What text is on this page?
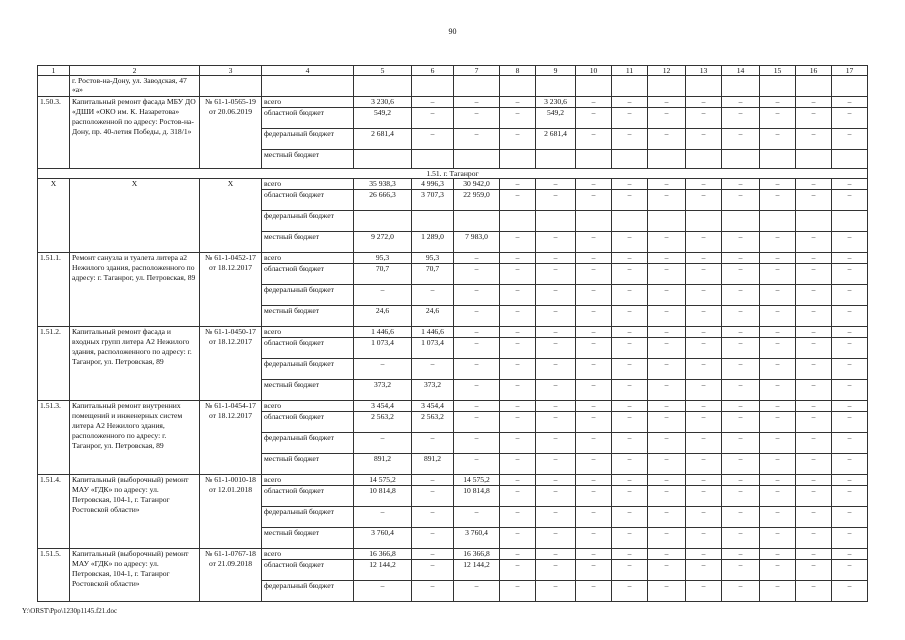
90
1	2	3	4	5	6	7	8	9	10	11	12	13	14	15	16	17
	г. Ростов-на-Дону, ул. Заводская, 47 «а»															
1.50.3.	Капитальный ремонт фасада МБУ ДО «ДШИ «ОКО им. К. Назаретова» расположенной по адресу: Ростов-на-Дону, пр. 40-летия Победы, д. 318/1»	№ 61-1-0565-19 от 20.06.2019	всего	3 230,6	–	–	–	3 230,6	–	–	–	–	–	–	–	–
			областной бюджет	549,2	–	–	–	549,2	–	–	–	–	–	–	–	–
			федеральный бюджет	2 681,4	–	–	–	2 681,4	–	–	–	–	–	–	–	–
			местный бюджет													
1.51. г. Таганрог																
X	X	X	всего	35 938,3	4 996,3	30 942,0	–	–	–	–	–	–	–	–	–	–
			областной бюджет	26 666,3	3 707,3	22 959,0	–	–	–	–	–	–	–	–	–	–
			федеральный бюджет													
			местный бюджет	9 272,0	1 289,0	7 983,0	–	–	–	–	–	–	–	–	–	–
1.51.1.	Ремонт санузла и туалета литера а2 Нежилого здания, расположенного по адресу: г. Таганрог, ул. Петровская, 89	№ 61-1-0452-17 от 18.12.2017	всего	95,3	95,3	–	–	–	–	–	–	–	–	–	–	–
			областной бюджет	70,7	70,7	–	–	–	–	–	–	–	–	–	–	–
			федеральный бюджет	–	–	–	–	–	–	–	–	–	–	–	–	–
			местный бюджет	24,6	24,6	–	–	–	–	–	–	–	–	–	–	–
1.51.2.	Капитальный ремонт фасада и входных групп литера А2 Нежилого здания, расположенного по адресу: г. Таганрог, ул. Петровская, 89	№ 61-1-0450-17 от 18.12.2017	всего	1 446,6	1 446,6	–	–	–	–	–	–	–	–	–	–	–
			областной бюджет	1 073,4	1 073,4	–	–	–	–	–	–	–	–	–	–	–
			федеральный бюджет	–	–	–	–	–	–	–	–	–	–	–	–	–
			местный бюджет	373,2	373,2	–	–	–	–	–	–	–	–	–	–	–
1.51.3.	Капитальный ремонт внутренних помещений и инженерных систем литера А2 Нежилого здания, расположенного по адресу: г. Таганрог, ул. Петровская, 89	№ 61-1-0454-17 от 18.12.2017	всего	3 454,4	3 454,4	–	–	–	–	–	–	–	–	–	–	–
			областной бюджет	2 563,2	2 563,2	–	–	–	–	–	–	–	–	–	–	–
			федеральный бюджет	–	–	–	–	–	–	–	–	–	–	–	–	–
			местный бюджет	891,2	891,2	–	–	–	–	–	–	–	–	–	–	–
1.51.4.	Капитальный (выборочный) ремонт МАУ «ГДК» по адресу: ул. Петровская, 104-1, г. Таганрог Ростовской области»	№ 61-1-0010-18 от 12.01.2018	всего	14 575,2	–	14 575,2	–	–	–	–	–	–	–	–	–	–
			областной бюджет	10 814,8	–	10 814,8	–	–	–	–	–	–	–	–	–	–
			федеральный бюджет	–	–	–	–	–	–	–	–	–	–	–	–	–
			местный бюджет	3 760,4	–	3 760,4	–	–	–	–	–	–	–	–	–	–
1.51.5.	Капитальный (выборочный) ремонт МАУ «ГДК» по адресу: ул. Петровская, 104-1, г. Таганрог Ростовской области»	№ 61-1-0767-18 от 21.09.2018	всего	16 366,8	–	16 366,8	–	–	–	–	–	–	–	–	–	–
			областной бюджет	12 144,2	–	12 144,2	–	–	–	–	–	–	–	–	–	–
			федеральный бюджет	–	–	–	–	–	–	–	–	–	–	–	–	–
Y:\ORST\Ppo\1230p1145.f21.doc
